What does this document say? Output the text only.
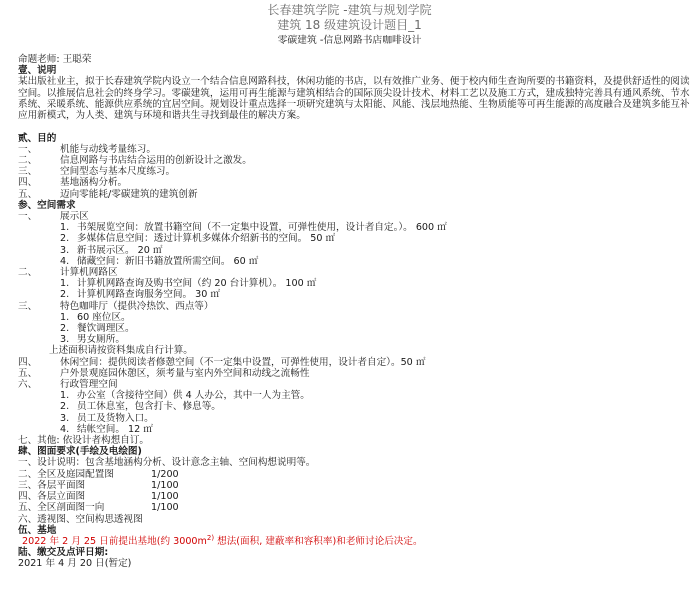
长春建筑学院 -建筑与规划学院
建筑 18 级建筑设计题目_1
零碳建筑 -信息网路书店咖啡设计
命题老师: 王聪荣
壹、说明
某出版社业主，拟于长春建筑学院内设立一个结合信息网路科技，休闲功能的书店，以有效推广业务、便于校内师生查询所要的书籍资料，及提供舒适性的阅读空间。以推展信息社会的终身学习。零碳建筑，运用可再生能源与建筑相结合的国际顶尖设计技术、材料工艺以及施工方式，建成独特完善具有通风系统、节水系统、采暖系统、能源供应系统的宜居空间。规划设计重点选择一项研究建筑与太阳能、风能、浅层地热能、生物质能等可再生能源的高度融合及建筑多能互补应用新模式，为人类、建筑与环境和谐共生寻找到最佳的解决方案。
贰、目的
一、 机能与动线考量练习。
二、 信息网路与书店结合运用的创新设计之激发。
三、 空间型态与基本尺度练习。
四、 基地涵构分析。
五、 迈向零能耗/零碳建筑的建筑创新
参、空间需求
一、 展示区
1. 书架展览空间：放置书籍空间（不一定集中设置，可弹性使用，设计者自定。）。 600 ㎡
2. 多媒体信息空间：透过计算机多媒体介绍新书的空间。 50 ㎡
3. 新书展示区。 20 ㎡
4. 储藏空间：新旧书籍放置所需空间。 60 ㎡
二、 计算机网路区
1. 计算机网路查询及购书空间（约 20 台计算机）。 100 ㎡
2. 计算机网路查询服务空间。 30 ㎡
三、 特色咖啡厅（提供冷热饮、西点等）
1. 60 座位区。
2. 餐饮调理区。
3. 男女厕所。
上述面积请按资料集成自行计算。
四、 休闲空间：提供阅读者修憩空间（不一定集中设置，可弹性使用，设计者自定）。50 ㎡
五、 户外景观庭园休憩区，须考量与室内外空间和动线之流畅性
六、 行政管理空间
1. 办公室（含接待空间）供 4 人办公，其中一人为主管。
2. 员工休息室，包含打卡、修息等。
3. 员工及货物入口。
4. 结帐空间。 12 ㎡
七、其他: 依设计者构想自订。
肆、图面要求(手绘及电绘图)
一、设计说明：包含基地涵构分析、设计意念主轴、空间构想说明等。
二、全区及庭园配置图	1/200
三、各层平面图	1/100
四、各层立面图	1/100
五、全区剖面图一向	1/100
六、透视图、空间构思透视图
伍、基地
2022 年 2 月 25 日前提出基地(约 $3000m^{2)}$ 想法(面积, 建蔽率和容积率)和老师讨论后决定。
陆、缴交及点评日期:
2021 年 4 月 20 日(暂定)
